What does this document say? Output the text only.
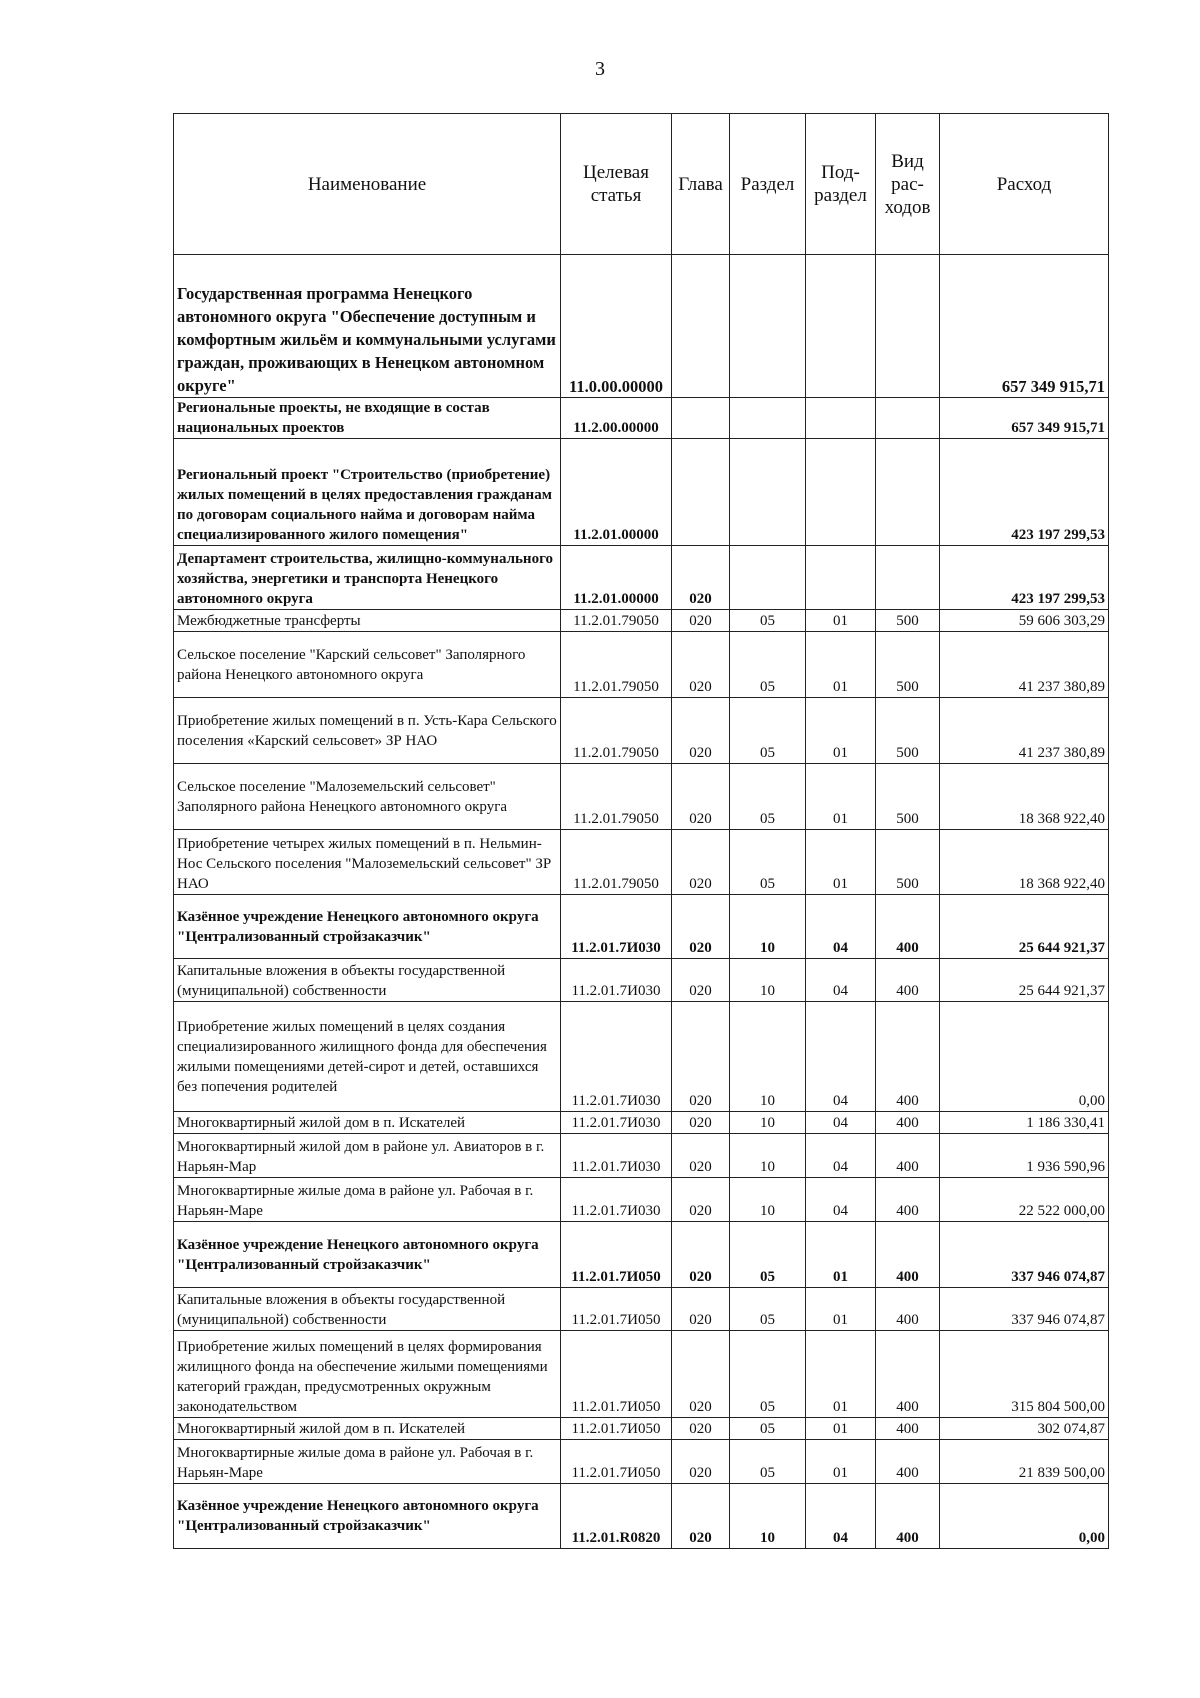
3
Наименование	Целевая статья	Глава	Раздел	Под-раздел	Вид рас-ходов	Расход
Государственная программа Ненецкого автономного округа "Обеспечение доступным и комфортным жильём и коммунальными услугами граждан, проживающих в Ненецком автономном округе"	11.0.00.00000					657 349 915,71
Региональные проекты, не входящие в состав национальных проектов	11.2.00.00000					657 349 915,71
Региональный проект "Строительство (приобретение) жилых помещений в целях предоставления гражданам по договорам социального найма и договорам найма специализированного жилого помещения"	11.2.01.00000					423 197 299,53
Департамент строительства, жилищно-коммунального хозяйства, энергетики и транспорта Ненецкого автономного округа	11.2.01.00000	020				423 197 299,53
Межбюджетные трансферты	11.2.01.79050	020	05	01	500	59 606 303,29
Сельское поселение "Карский сельсовет" Заполярного района Ненецкого автономного округа	11.2.01.79050	020	05	01	500	41 237 380,89
Приобретение жилых помещений в п. Усть-Кара Сельского поселения «Карский сельсовет» ЗР НАО	11.2.01.79050	020	05	01	500	41 237 380,89
Сельское поселение "Малоземельский сельсовет" Заполярного района Ненецкого автономного округа	11.2.01.79050	020	05	01	500	18 368 922,40
Приобретение четырех жилых помещений в п. Нельмин-Нос Сельского поселения "Малоземельский сельсовет" ЗР НАО	11.2.01.79050	020	05	01	500	18 368 922,40
Казённое учреждение Ненецкого автономного округа "Централизованный стройзаказчик"	11.2.01.7И030	020	10	04	400	25 644 921,37
Капитальные вложения в объекты государственной (муниципальной) собственности	11.2.01.7И030	020	10	04	400	25 644 921,37
Приобретение жилых помещений в целях создания специализированного жилищного фонда для обеспечения жилыми помещениями детей-сирот и детей, оставшихся без попечения родителей	11.2.01.7И030	020	10	04	400	0,00
Многоквартирный жилой дом в п. Искателей	11.2.01.7И030	020	10	04	400	1 186 330,41
Многоквартирный жилой дом в районе ул. Авиаторов в г. Нарьян-Мар	11.2.01.7И030	020	10	04	400	1 936 590,96
Многоквартирные жилые дома в районе ул. Рабочая в г. Нарьян-Маре	11.2.01.7И030	020	10	04	400	22 522 000,00
Казённое учреждение Ненецкого автономного округа "Централизованный стройзаказчик"	11.2.01.7И050	020	05	01	400	337 946 074,87
Капитальные вложения в объекты государственной (муниципальной) собственности	11.2.01.7И050	020	05	01	400	337 946 074,87
Приобретение жилых помещений в целях формирования жилищного фонда на обеспечение жилыми помещениями категорий граждан, предусмотренных окружным законодательством	11.2.01.7И050	020	05	01	400	315 804 500,00
Многоквартирный жилой дом в п. Искателей	11.2.01.7И050	020	05	01	400	302 074,87
Многоквартирные жилые дома в районе ул. Рабочая в г. Нарьян-Маре	11.2.01.7И050	020	05	01	400	21 839 500,00
Казённое учреждение Ненецкого автономного округа "Централизованный стройзаказчик"	11.2.01.R0820	020	10	04	400	0,00
